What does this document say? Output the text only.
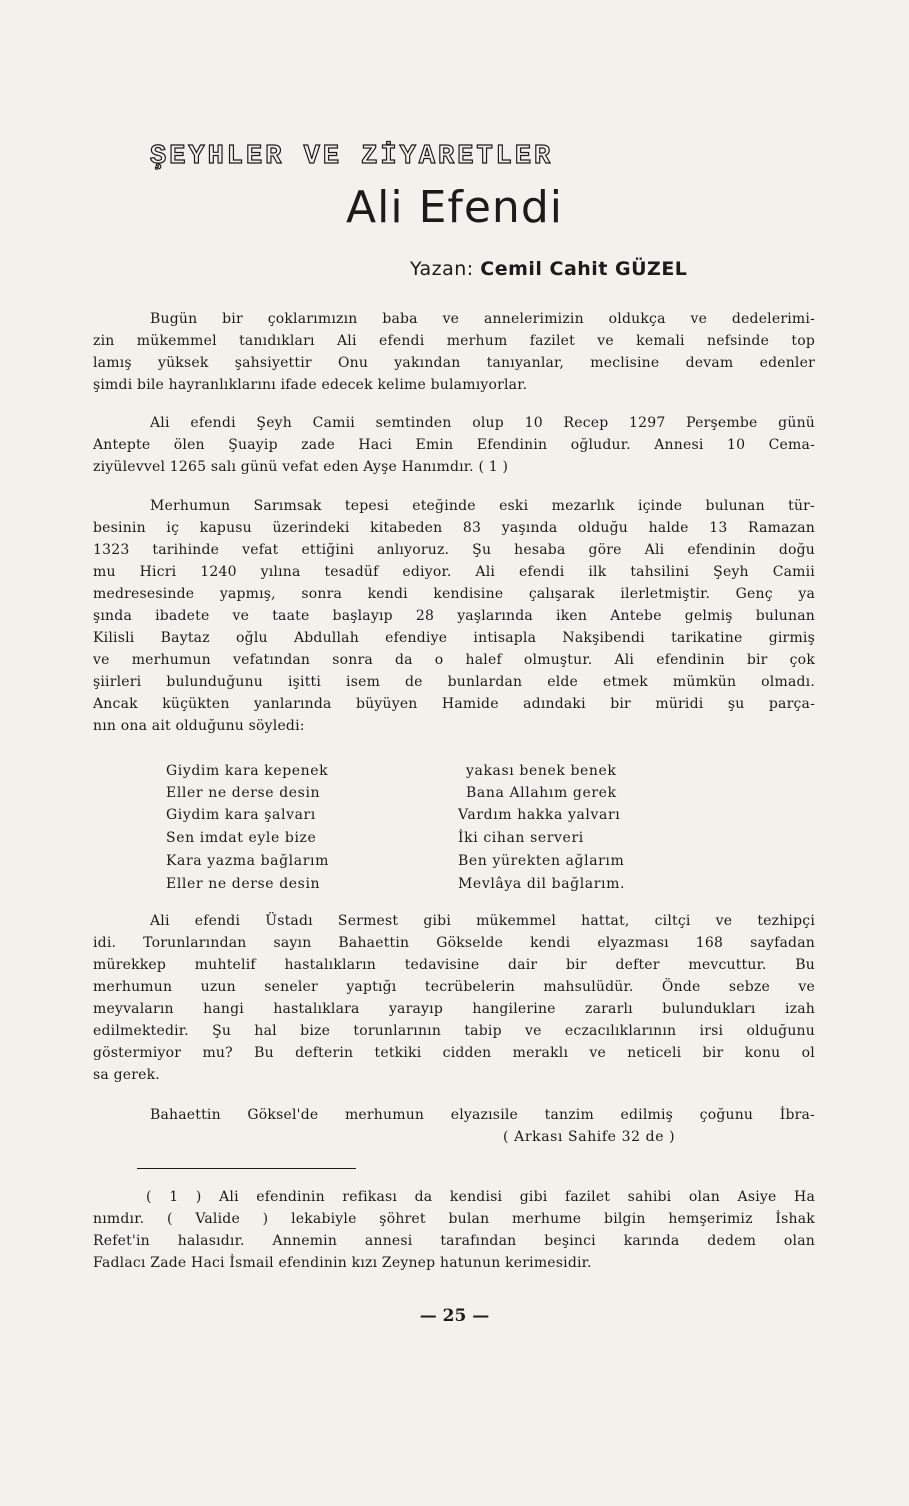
ŞEYHLER VE ZİYARETLER
Ali Efendi
Yazan: Cemil Cahit GÜZEL
Bugün bir çoklarımızın baba ve annelerimizin oldukça ve dedelerimi-
zin mükemmel tanıdıkları Ali efendi merhum fazilet ve kemali nefsinde top
lamış yüksek şahsiyettir Onu yakından tanıyanlar, meclisine devam edenler
şimdi bile hayranlıklarını ifade edecek kelime bulamıyorlar.
Ali efendi Şeyh Camii semtinden olup 10 Recep 1297 Perşembe günü
Antepte ölen Şuayip zade Haci Emin Efendinin oğludur. Annesi 10 Cema-
ziyülevvel 1265 salı günü vefat eden Ayşe Hanımdır. ( 1 )
Merhumun Sarımsak tepesi eteğinde eski mezarlık içinde bulunan tür-
besinin iç kapusu üzerindeki kitabeden 83 yaşında olduğu halde 13 Ramazan
1323 tarihinde vefat ettiğini anlıyoruz. Şu hesaba göre Ali efendinin doğu
mu Hicri 1240 yılına tesadüf ediyor. Ali efendi ilk tahsilini Şeyh Camii
medresesinde yapmış, sonra kendi kendisine çalışarak ilerletmiştir. Genç ya
şında ibadete ve taate başlayıp 28 yaşlarında iken Antebe gelmiş bulunan
Kilisli Baytaz oğlu Abdullah efendiye intisapla Nakşibendi tarikatine girmiş
ve merhumun vefatından sonra da o halef olmuştur. Ali efendinin bir çok
şiirleri bulunduğunu işitti isem de bunlardan elde etmek mümkün olmadı.
Ancak küçükten yanlarında büyüyen Hamide adındaki bir müridi şu parça-
nın ona ait olduğunu söyledi:
Giydim kara kepenek
Eller ne derse desin
Giydim kara şalvarı
Sen imdat eyle bize
Kara yazma bağlarım
Eller ne derse desin
yakası benek benek
Bana Allahım gerek
Vardım hakka yalvarı
İki cihan serveri
Ben yürekten ağlarım
Mevlâya dil bağlarım.
Ali efendi Üstadı Sermest gibi mükemmel hattat, ciltçi ve tezhipçi
idi. Torunlarından sayın Bahaettin Gökselde kendi elyazması 168 sayfadan
mürekkep muhtelif hastalıkların tedavisine dair bir defter mevcuttur. Bu
merhumun uzun seneler yaptığı tecrübelerin mahsulüdür. Önde sebze ve
meyvaların hangi hastalıklara yarayıp hangilerine zararlı bulundukları izah
edilmektedir. Şu hal bize torunlarının tabip ve eczacılıklarının irsi olduğunu
göstermiyor mu? Bu defterin tetkiki cidden meraklı ve neticeli bir konu ol
sa gerek.
Bahaettin Göksel'de merhumun elyazısile tanzim edilmiş çoğunu İbra-
( Arkası Sahife 32 de )
( 1 ) Ali efendinin refikası da kendisi gibi fazilet sahibi olan Asiye Ha
nımdır. ( Valide ) lekabiyle şöhret bulan merhume bilgin hemşerimiz İshak
Refet'in halasıdır. Annemin annesi tarafından beşinci karında dedem olan
Fadlacı Zade Haci İsmail efendinin kızı Zeynep hatunun kerimesidir.
— 25 —
